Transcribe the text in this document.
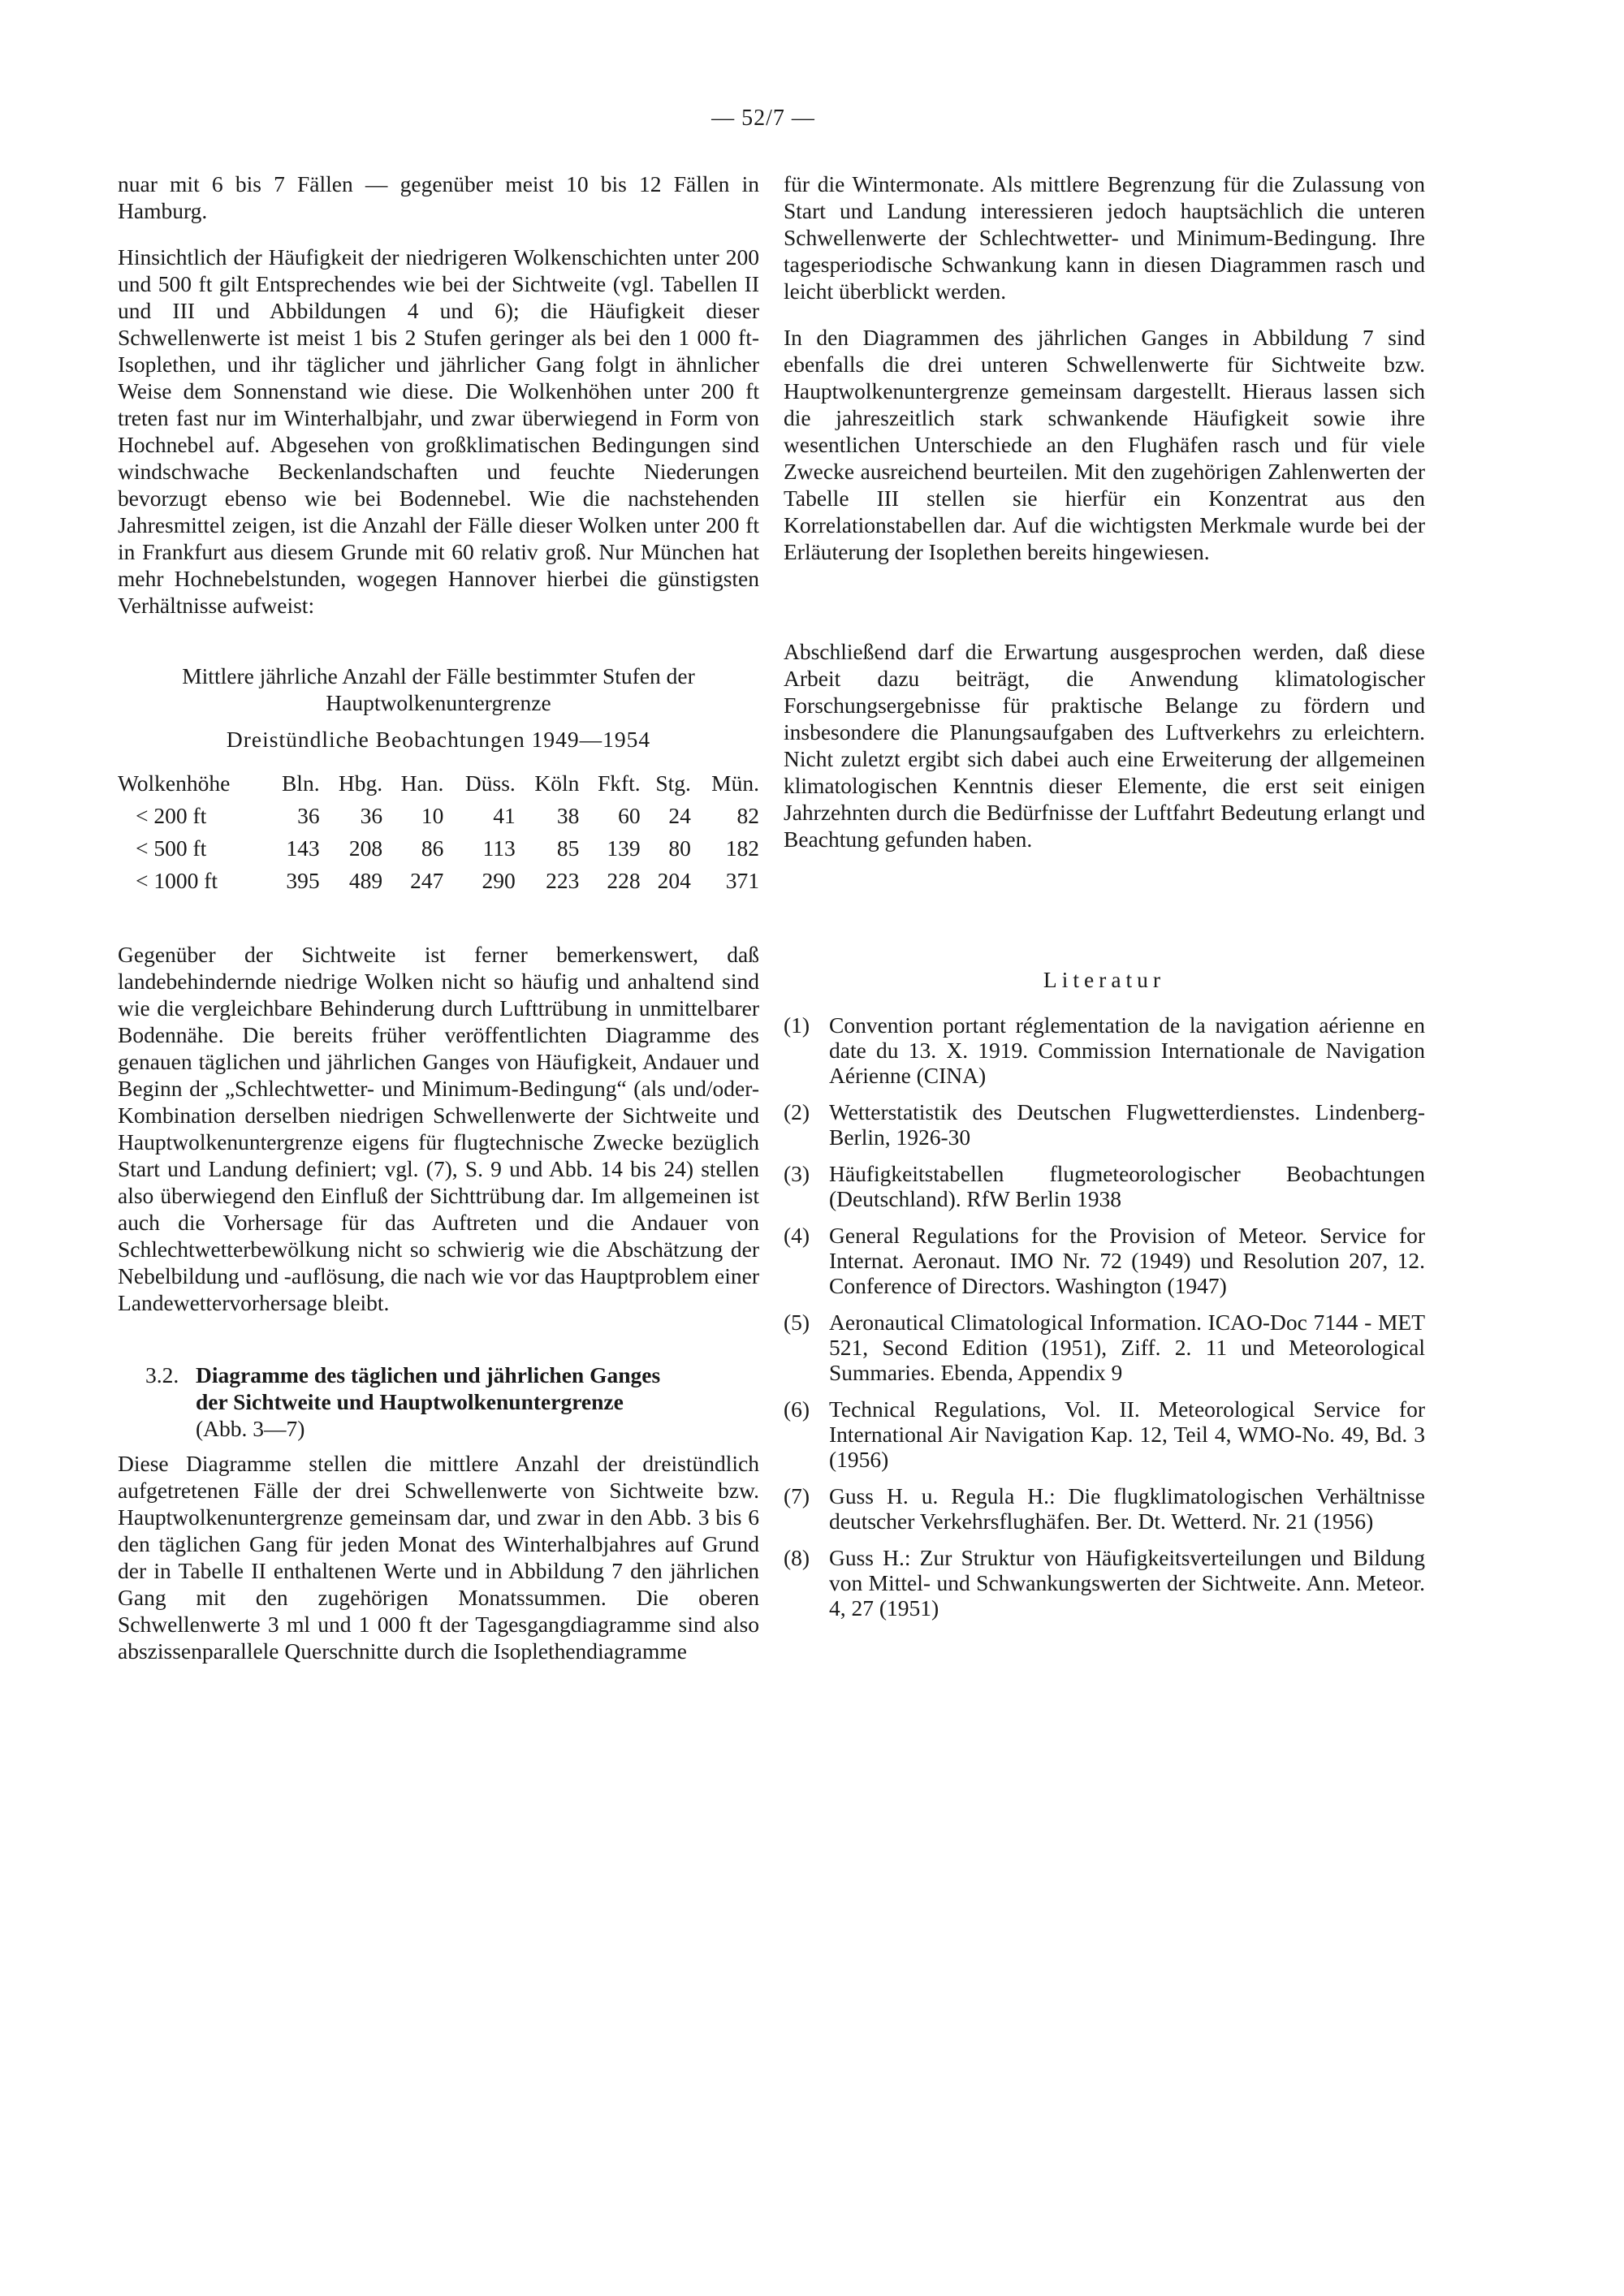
— 52/7 —

nuar mit 6 bis 7 Fällen — gegenüber meist 10 bis 12 Fällen in Hamburg.

Hinsichtlich der Häufigkeit der niedrigeren Wolkenschichten unter 200 und 500 ft gilt Entsprechendes wie bei der Sichtweite (vgl. Tabellen II und III und Abbildungen 4 und 6); die Häufigkeit dieser Schwellenwerte ist meist 1 bis 2 Stufen geringer als bei den 1 000 ft-Isoplethen, und ihr täglicher und jährlicher Gang folgt in ähnlicher Weise dem Sonnenstand wie diese. Die Wolkenhöhen unter 200 ft treten fast nur im Winterhalbjahr, und zwar überwiegend in Form von Hochnebel auf. Abgesehen von großklimatischen Bedingungen sind windschwache Beckenlandschaften und feuchte Niederungen bevorzugt ebenso wie bei Bodennebel. Wie die nachstehenden Jahresmittel zeigen, ist die Anzahl der Fälle dieser Wolken unter 200 ft in Frankfurt aus diesem Grunde mit 60 relativ groß. Nur München hat mehr Hochnebelstunden, wogegen Hannover hierbei die günstigsten Verhältnisse aufweist:

Mittlere jährliche Anzahl der Fälle bestimmter Stufen der Hauptwolkenuntergrenze
Dreistündliche Beobachtungen 1949—1954
Wolkenhöhe	Bln.	Hbg.	Han.	Düss.	Köln	Fkft.	Stg.	Mün.
< 200 ft	36	36	10	41	38	60	24	82
< 500 ft	143	208	86	113	85	139	80	182
< 1000 ft	395	489	247	290	223	228	204	371

Gegenüber der Sichtweite ist ferner bemerkenswert, daß landebehindernde niedrige Wolken nicht so häufig und anhaltend sind wie die vergleichbare Behinderung durch Lufttrübung in unmittelbarer Bodennähe. Die bereits früher veröffentlichten Diagramme des genauen täglichen und jährlichen Ganges von Häufigkeit, Andauer und Beginn der „Schlechtwetter- und Minimum-Bedingung“ (als und/oder-Kombination derselben niedrigen Schwellenwerte der Sichtweite und Hauptwolkenuntergrenze eigens für flugtechnische Zwecke bezüglich Start und Landung definiert; vgl. (7), S. 9 und Abb. 14 bis 24) stellen also überwiegend den Einfluß der Sichttrübung dar. Im allgemeinen ist auch die Vorhersage für das Auftreten und die Andauer von Schlechtwetterbewölkung nicht so schwierig wie die Abschätzung der Nebelbildung und -auflösung, die nach wie vor das Hauptproblem einer Landewettervorhersage bleibt.

3.2. Diagramme des täglichen und jährlichen Ganges
der Sichtweite und Hauptwolkenuntergrenze
(Abb. 3—7)

Diese Diagramme stellen die mittlere Anzahl der dreistündlich aufgetretenen Fälle der drei Schwellenwerte von Sichtweite bzw. Hauptwolkenuntergrenze gemeinsam dar, und zwar in den Abb. 3 bis 6 den täglichen Gang für jeden Monat des Winterhalbjahres auf Grund der in Tabelle II enthaltenen Werte und in Abbildung 7 den jährlichen Gang mit den zugehörigen Monatssummen. Die oberen Schwellenwerte 3 ml und 1 000 ft der Tagesgangdiagramme sind also abszissenparallele Querschnitte durch die Isoplethendiagramme

für die Wintermonate. Als mittlere Begrenzung für die Zulassung von Start und Landung interessieren jedoch hauptsächlich die unteren Schwellenwerte der Schlechtwetter- und Minimum-Bedingung. Ihre tagesperiodische Schwankung kann in diesen Diagrammen rasch und leicht überblickt werden.

In den Diagrammen des jährlichen Ganges in Abbildung 7 sind ebenfalls die drei unteren Schwellenwerte für Sichtweite bzw. Hauptwolkenuntergrenze gemeinsam dargestellt. Hieraus lassen sich die jahreszeitlich stark schwankende Häufigkeit sowie ihre wesentlichen Unterschiede an den Flughäfen rasch und für viele Zwecke ausreichend beurteilen. Mit den zugehörigen Zahlenwerten der Tabelle III stellen sie hierfür ein Konzentrat aus den Korrelationstabellen dar. Auf die wichtigsten Merkmale wurde bei der Erläuterung der Isoplethen bereits hingewiesen.

Abschließend darf die Erwartung ausgesprochen werden, daß diese Arbeit dazu beiträgt, die Anwendung klimatologischer Forschungsergebnisse für praktische Belange zu fördern und insbesondere die Planungsaufgaben des Luftverkehrs zu erleichtern. Nicht zuletzt ergibt sich dabei auch eine Erweiterung der allgemeinen klimatologischen Kenntnis dieser Elemente, die erst seit einigen Jahrzehnten durch die Bedürfnisse der Luftfahrt Bedeutung erlangt und Beachtung gefunden haben.

Literatur
(1) Convention portant réglementation de la navigation aérienne en date du 13. X. 1919. Commission Internationale de Navigation Aérienne (CINA)
(2) Wetterstatistik des Deutschen Flugwetterdienstes. Lindenberg-Berlin, 1926-30
(3) Häufigkeitstabellen flugmeteorologischer Beobachtungen (Deutschland). RfW Berlin 1938
(4) General Regulations for the Provision of Meteor. Service for Internat. Aeronaut. IMO Nr. 72 (1949) und Resolution 207, 12. Conference of Directors. Washington (1947)
(5) Aeronautical Climatological Information. ICAO-Doc 7144 - MET 521, Second Edition (1951), Ziff. 2. 11 und Meteorological Summaries. Ebenda, Appendix 9
(6) Technical Regulations, Vol. II. Meteorological Service for International Air Navigation Kap. 12, Teil 4, WMO-No. 49, Bd. 3 (1956)
(7) Guss H. u. Regula H.: Die flugklimatologischen Verhältnisse deutscher Verkehrsflughäfen. Ber. Dt. Wetterd. Nr. 21 (1956)
(8) Guss H.: Zur Struktur von Häufigkeitsverteilungen und Bildung von Mittel- und Schwankungswerten der Sichtweite. Ann. Meteor. 4, 27 (1951)
